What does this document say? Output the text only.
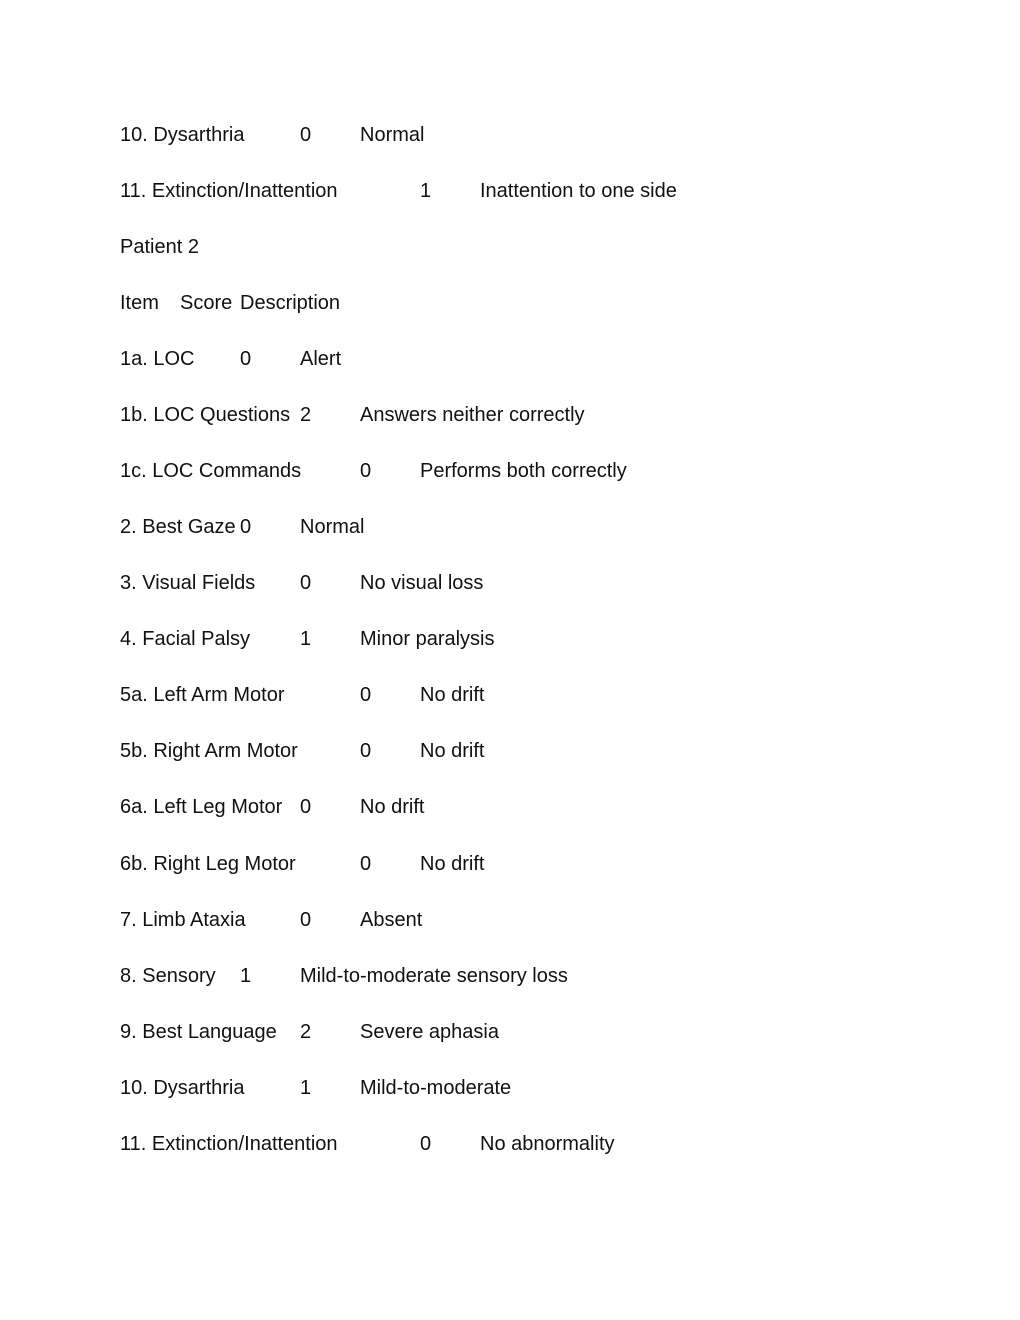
10. Dysarthria	0 Normal
11. Extinction/Inattention	1 Inattention to one side
Patient 2
Item Score Description
1a. LOC 0 Alert
1b. LOC Questions 2 Answers neither correctly
1c. LOC Commands	0 Performs both correctly
2. Best Gaze 0 Normal
3. Visual Fields 0 No visual loss
4. Facial Palsy 1 Minor paralysis
5a. Left Arm Motor	0 No drift
5b. Right Arm Motor	0 No drift
6a. Left Leg Motor 0 No drift
6b. Right Leg Motor	0 No drift
7. Limb Ataxia	0 Absent
8. Sensory 1 Mild-to-moderate sensory loss
9. Best Language 2 Severe aphasia
10. Dysarthria	1 Mild-to-moderate
11. Extinction/Inattention	0 No abnormality
